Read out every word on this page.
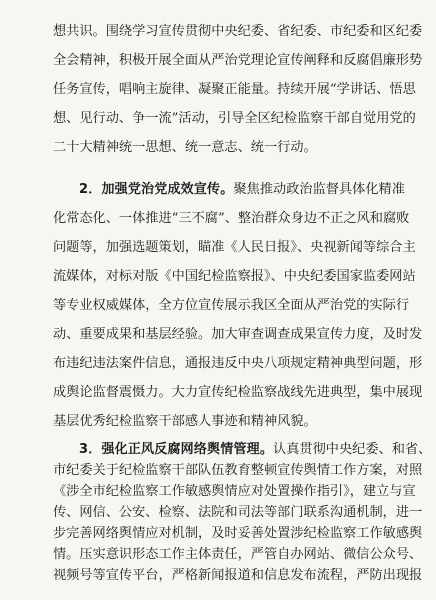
想共识。围绕学习宣传贯彻中央纪委、省纪委、市纪委和区纪委
全会精神，积极开展全面从严治党理论宣传阐释和反腐倡廉形势
任务宣传，唱响主旋律、凝聚正能量。持续开展“学讲话、悟思
想、见行动、争一流”活动，引导全区纪检监察干部自觉用党的
二十大精神统一思想、统一意志、统一行动。
2．加强党治党成效宣传。聚焦推动政治监督具体化精准
化常态化、一体推进“三不腐”、整治群众身边不正之风和腐败
问题等，加强选题策划，瞄准《人民日报》、央视新闻等综合主
流媒体，对标对版《中国纪检监察报》、中央纪委国家监委网站
等专业权威媒体，全方位宣传展示我区全面从严治党的实际行
动、重要成果和基层经验。加大审查调查成果宣传力度，及时发
布违纪违法案件信息，通报违反中央八项规定精神典型问题，形
成舆论监督震慑力。大力宣传纪检监察战线先进典型，集中展现
基层优秀纪检监察干部感人事迹和精神风貌。
3．强化正风反腐网络舆情管理。认真贯彻中央纪委、和省、
市纪委关于纪检监察干部队伍教育整顿宣传舆情工作方案，对照
《涉全市纪检监察工作敏感舆情应对处置操作指引》，建立与宣
传、网信、公安、检察、法院和司法等部门联系沟通机制，进一
步完善网络舆情应对机制，及时妥善处置涉纪检监察工作敏感舆
情。压实意识形态工作主体责任，严管自办网站、微信公众号、
视频号等宣传平台，严格新闻报道和信息发布流程，严防出现报
